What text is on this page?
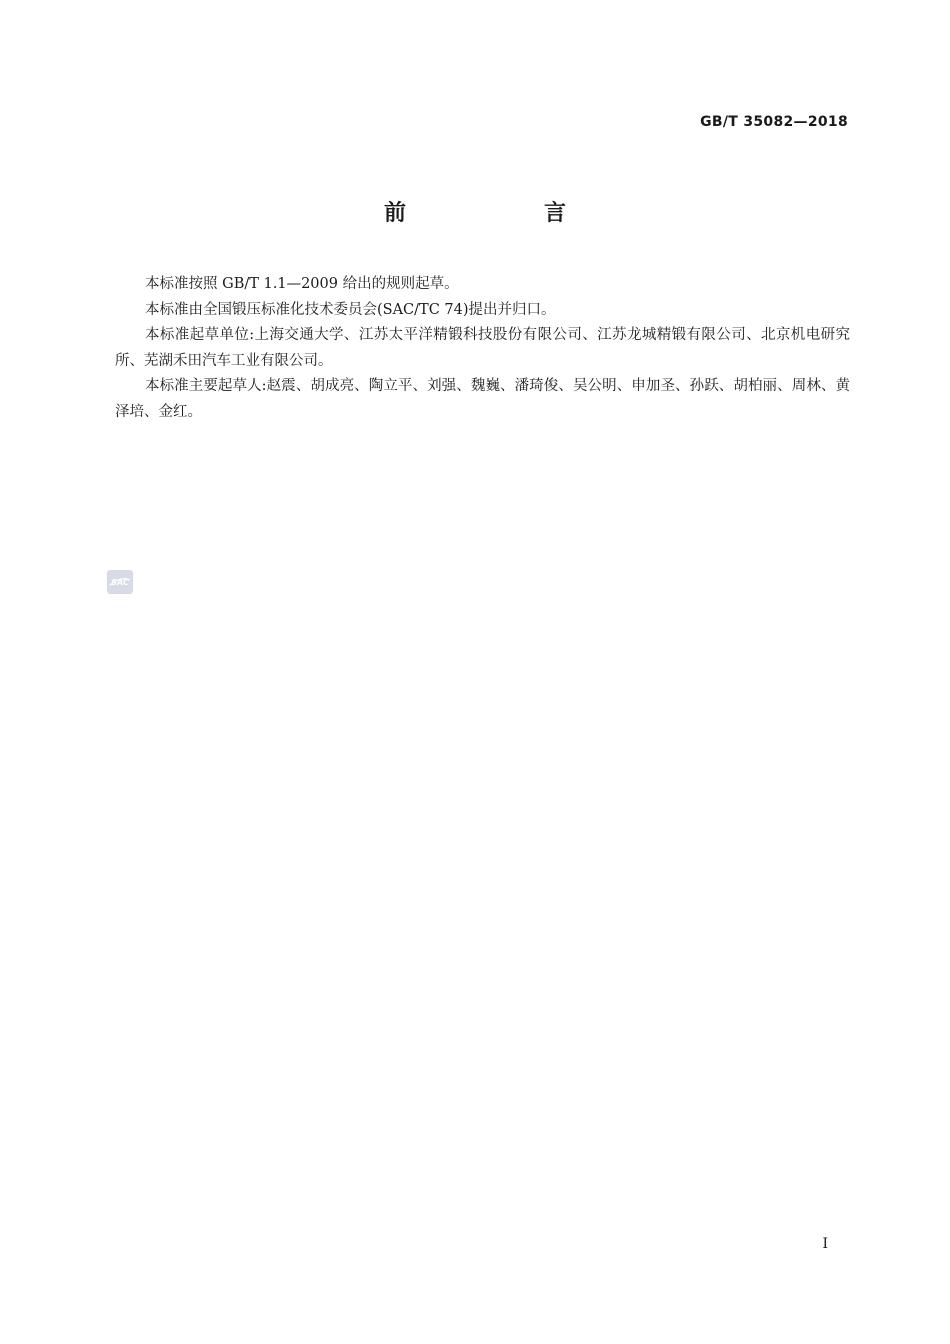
GB/T 35082—2018
前　言

本标准按照 GB/T 1.1—2009 给出的规则起草。

本标准由全国锻压标准化技术委员会(SAC/TC 74)提出并归口。

本标准起草单位:上海交通大学、江苏太平洋精锻科技股份有限公司、江苏龙城精锻有限公司、北京机电研究所、芜湖禾田汽车工业有限公司。

本标准主要起草人:赵震、胡成亮、陶立平、刘强、魏巍、潘琦俊、吴公明、申加圣、孙跃、胡柏丽、周林、黄泽培、金红。

SAC
I
